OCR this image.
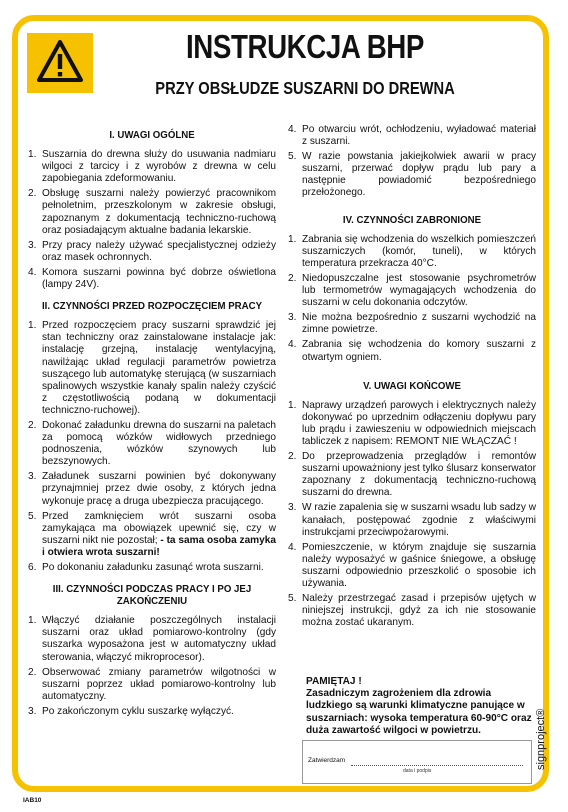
INSTRUKCJA BHP
PRZY OBSŁUDZE SUSZARNI DO DREWNA
I. UWAGI OGÓLNE
1. Suszarnia do drewna służy do usuwania nadmiaru wilgoci z tarcicy i z wyrobów z drewna w celu zapobiegania zdeformowaniu.
2. Obsługę suszarni należy powierzyć pracownikom pełnoletnim, przeszkolonym w zakresie obsługi, zapoznanym z dokumentacją techniczno-ruchową oraz posiadającym aktualne badania lekarskie.
3. Przy pracy należy używać specjalistycznej odzieży oraz masek ochronnych.
4. Komora suszarni powinna być dobrze oświetlona (lampy 24V).
II. CZYNNOŚCI PRZED ROZPOCZĘCIEM PRACY
1. Przed rozpoczęciem pracy suszarni sprawdzić jej stan techniczny oraz zainstalowane instalacje jak: instalację grzejną, instalację wentylacyjną, nawilżając układ regulacji parametrów powietrza suszącego lub automatykę sterującą (w suszarniach spalinowych wszystkie kanały spalin należy czyścić z częstotliwością podaną w dokumentacji techniczno-ruchowej).
2. Dokonać załadunku drewna do suszarni na paletach za pomocą wózków widłowych przedniego podnoszenia, wózków szynowych lub bezszynowych.
3. Załadunek suszarni powinien być dokonywany przynajmniej przez dwie osoby, z których jedna wykonuje pracę a druga ubezpiecza pracującego.
5. Przed zamknięciem wrót suszarni osoba zamykająca ma obowiązek upewnić się, czy w suszarni nikt nie pozostał; - ta sama osoba zamyka i otwiera wrota suszarni!
6. Po dokonaniu załadunku zasunąć wrota suszarni.
III. CZYNNOŚCI PODCZAS PRACY I PO JEJ ZAKOŃCZENIU
1. Włączyć działanie poszczególnych instalacji suszarni oraz układ pomiarowo-kontrolny (gdy suszarka wyposażona jest w automatyczny układ sterowania, włączyć mikroprocesor).
2. Obserwować zmiany parametrów wilgotności w suszarni poprzez układ pomiarowo-kontrolny lub automatyczny.
3. Po zakończonym cyklu suszarkę wyłączyć.
4. Po otwarciu wrót, ochłodzeniu, wyładować materiał z suszarni.
5. W razie powstania jakiejkolwiek awarii w pracy suszarni, przerwać dopływ prądu lub pary a następnie powiadomić bezpośredniego przełożonego.
IV. CZYNNOŚCI ZABRONIONE
1. Zabrania się wchodzenia do wszelkich pomieszczeń suszarniczych (komór, tuneli), w których temperatura przekracza 40°C.
2. Niedopuszczalne jest stosowanie psychrometrów lub termometrów wymagających wchodzenia do suszarni w celu dokonania odczytów.
3. Nie można bezpośrednio z suszarni wychodzić na zimne powietrze.
4. Zabrania się wchodzenia do komory suszarni z otwartym ogniem.
V. UWAGI KOŃCOWE
1. Naprawy urządzeń parowych i elektrycznych należy dokonywać po uprzednim odłączeniu dopływu pary lub prądu i zawieszeniu w odpowiednich miejscach tabliczek z napisem: REMONT NIE WŁĄCZAĆ !
2. Do przeprowadzenia przeglądów i remontów suszarni upoważniony jest tylko ślusarz konserwator zapoznany z dokumentacją techniczno-ruchową suszarni do drewna.
3. W razie zapalenia się w suszarni wsadu lub sadzy w kanałach, postępować zgodnie z właściwymi instrukcjami przeciwpożarowymi.
4. Pomieszczenie, w którym znajduje się suszarnia należy wyposażyć w gaśnice śniegowe, a obsługę suszarni odpowiednio przeszkolić o sposobie ich używania.
5. Należy przestrzegać zasad i przepisów ujętych w niniejszej instrukcji, gdyż za ich nie stosowanie można zostać ukaranym.
PAMIĘTAJ !
Zasadniczym zagrożeniem dla zdrowia ludzkiego są warunki klimatyczne panujące w suszarniach: wysoka temperatura 60-90°C oraz duża zawartość wilgoci w powietrzu.
Zatwierdzam
data i podpis
signproject®
IAB10
